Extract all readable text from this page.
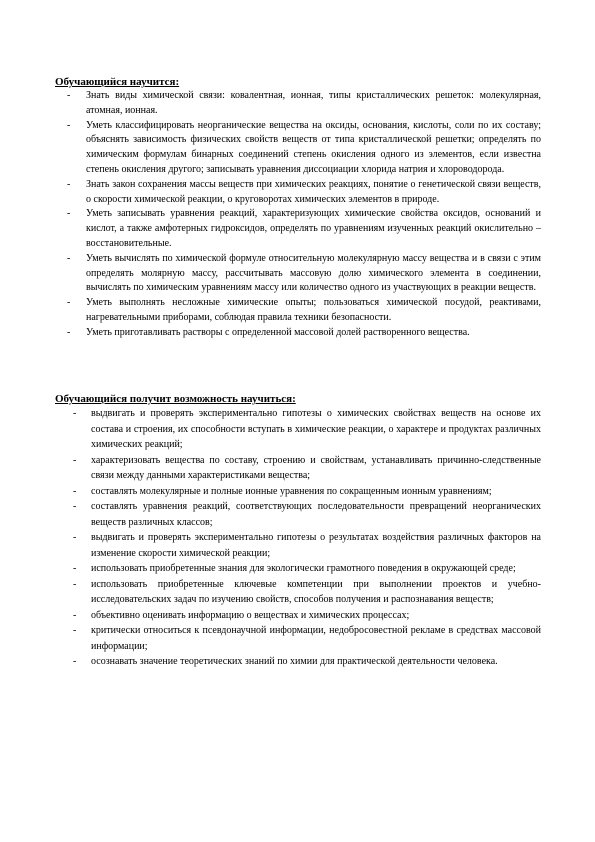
Обучающийся научится:

- Знать виды химической связи: ковалентная, ионная, типы кристаллических решеток: молекулярная, атомная, ионная.
- Уметь классифицировать неорганические вещества на оксиды, основания, кислоты, соли по их составу; объяснять зависимость физических свойств веществ от типа кристаллической решетки; определять по химическим формулам бинарных соединений степень окисления одного из элементов, если известна степень окисления другого; записывать уравнения диссоциации хлорида натрия и хлороводорода.
- Знать закон сохранения массы веществ при химических реакциях, понятие о генетической связи веществ, о скорости химической реакции, о круговоротах химических элементов в природе.
- Уметь записывать уравнения реакций, характеризующих химические свойства оксидов, оснований и кислот, а также амфотерных гидроксидов, определять по уравнениям изученных реакций окислительно – восстановительные.
- Уметь вычислять по химической формуле относительную молекулярную массу вещества и в связи с этим определять молярную массу, рассчитывать массовую долю химического элемента в соединении, вычислять по химическим уравнениям массу или количество одного из участвующих в реакции веществ.
- Уметь выполнять несложные химические опыты; пользоваться химической посудой, реактивами, нагревательными приборами, соблюдая правила техники безопасности.
- Уметь приготавливать растворы с определенной массовой долей растворенного вещества.

Обучающийся получит возможность научиться:

- выдвигать и проверять экспериментально гипотезы о химических свойствах веществ на основе их состава и строения, их способности вступать в химические реакции, о характере и продуктах различных химических реакций;
- характеризовать вещества по составу, строению и свойствам, устанавливать причинно-следственные связи между данными характеристиками вещества;
- составлять молекулярные и полные ионные уравнения по сокращенным ионным уравнениям;
- составлять уравнения реакций, соответствующих последовательности превращений неорганических веществ различных классов;
- выдвигать и проверять экспериментально гипотезы о результатах воздействия различных факторов на изменение скорости химической реакции;
- использовать приобретенные знания для экологически грамотного поведения в окружающей среде;
- использовать приобретенные ключевые компетенции при выполнении проектов и учебно-исследовательских задач по изучению свойств, способов получения и распознавания веществ;
- объективно оценивать информацию о веществах и химических процессах;
- критически относиться к псевдонаучной информации, недобросовестной рекламе в средствах массовой информации;
- осознавать значение теоретических знаний по химии для практической деятельности человека.
